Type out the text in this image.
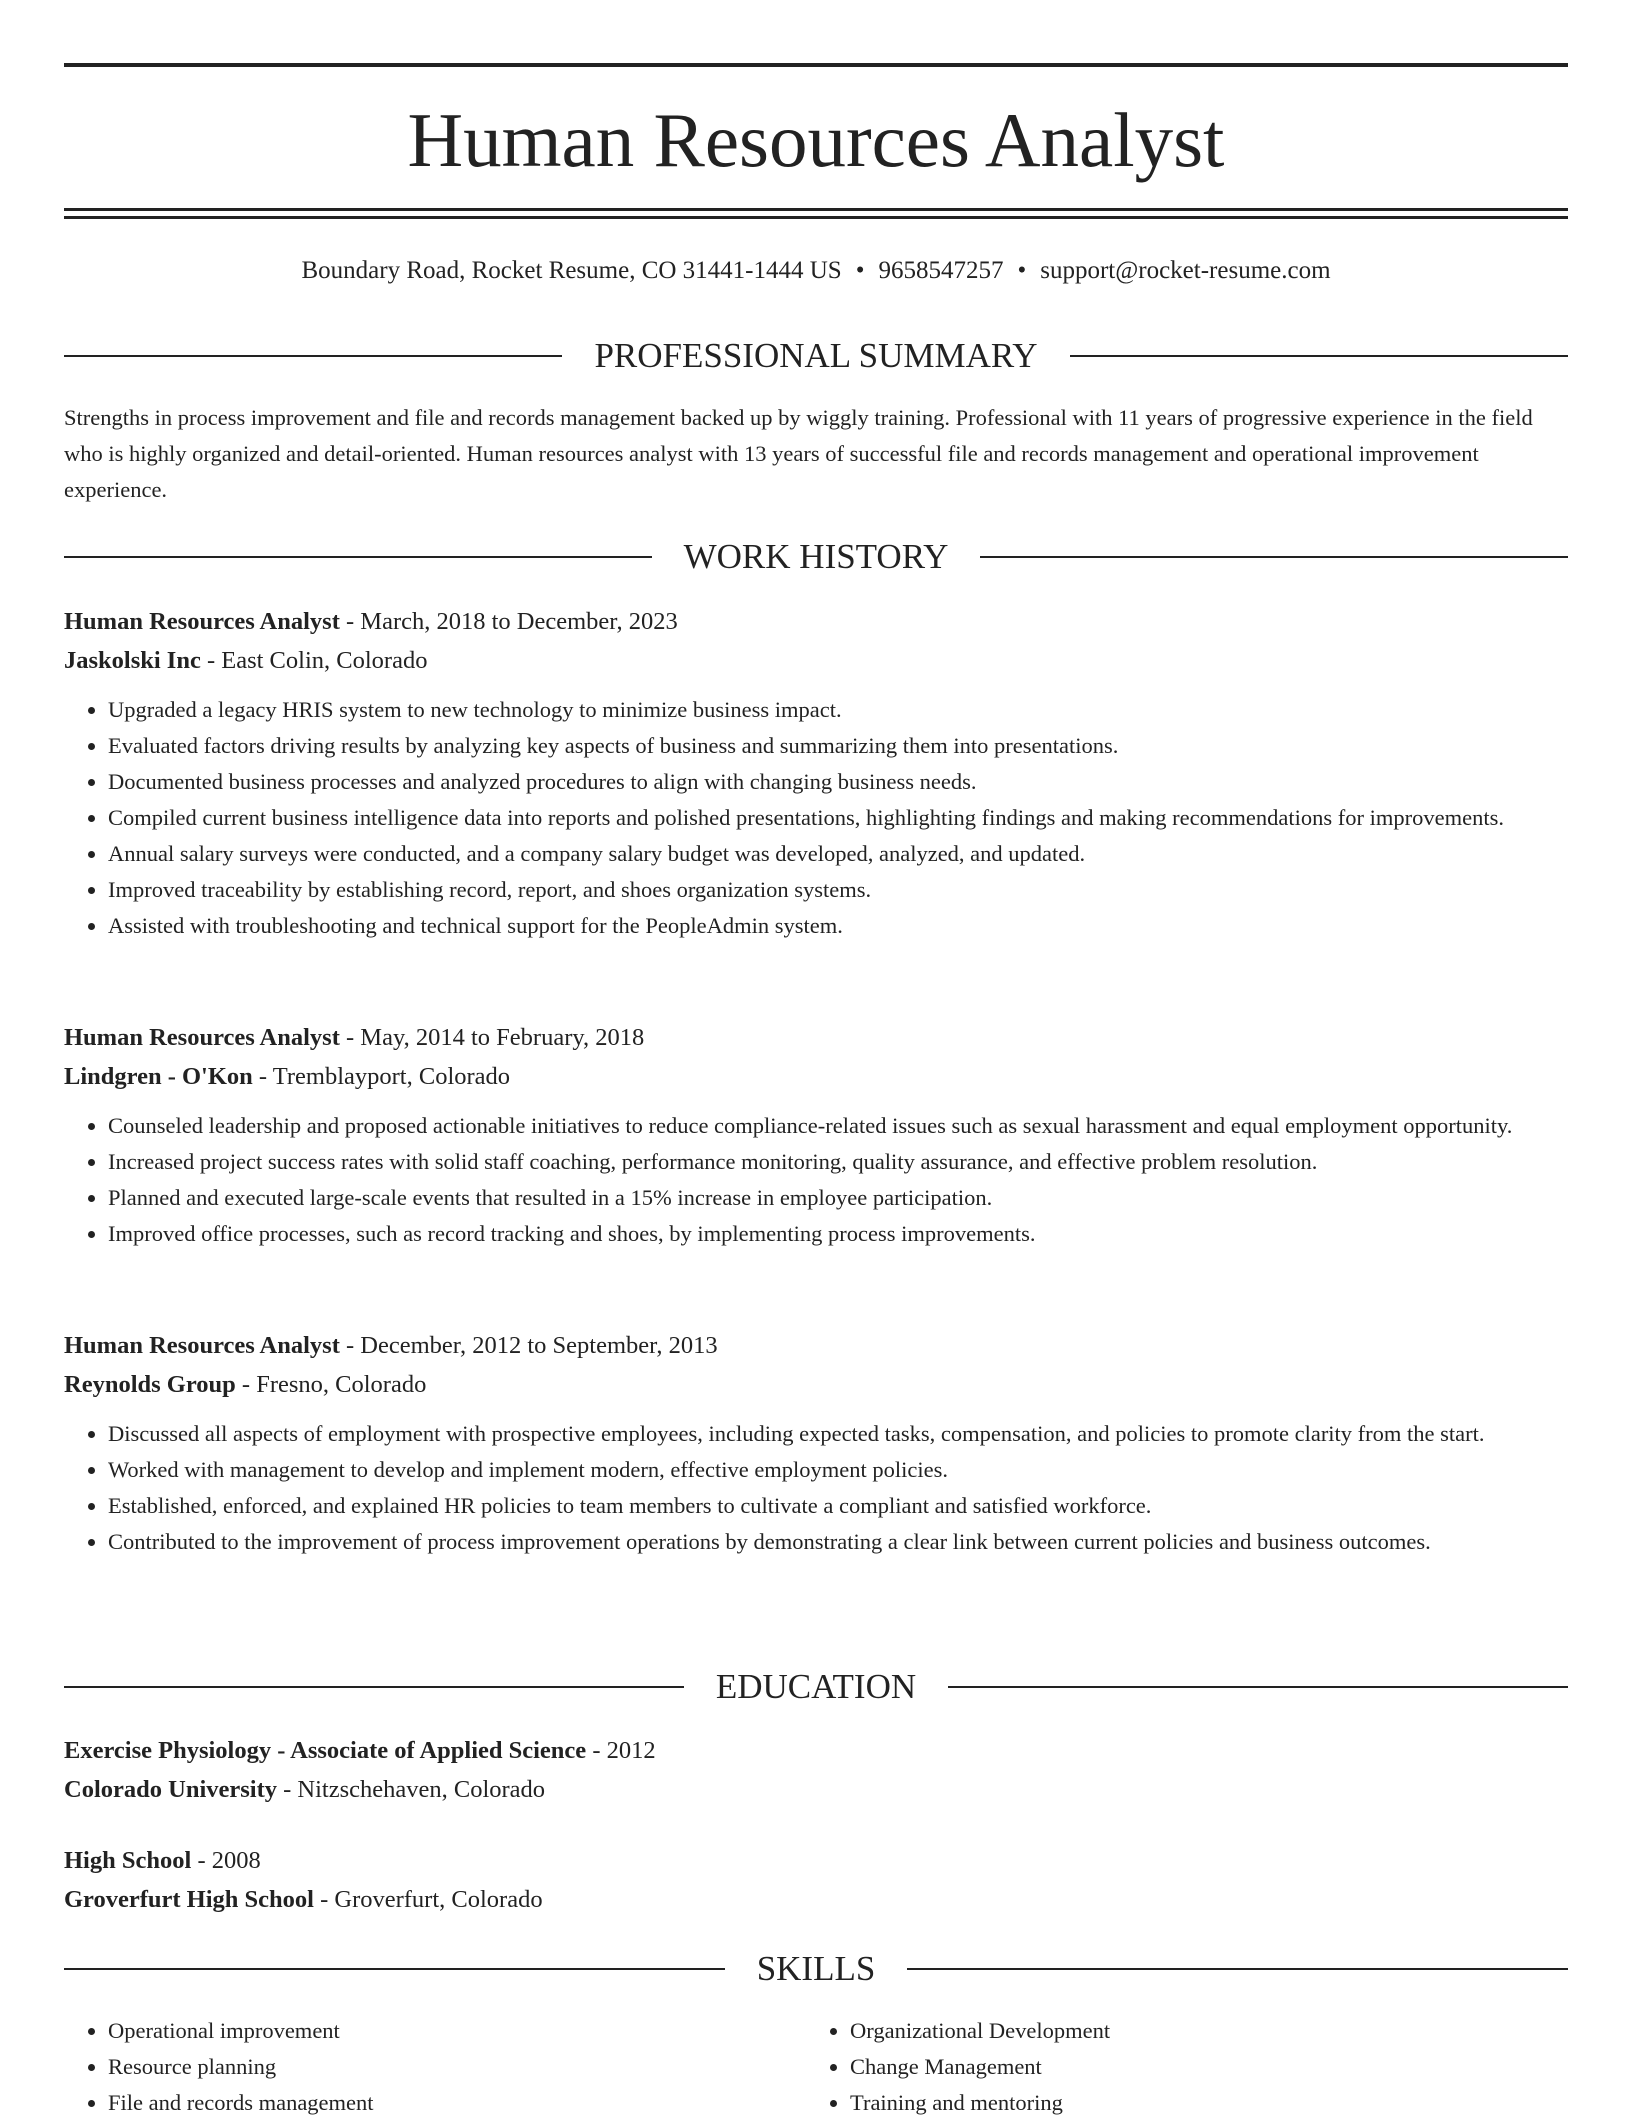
Human Resources Analyst
Boundary Road, Rocket Resume, CO 31441-1444 US • 9658547257 • support@rocket-resume.com
PROFESSIONAL SUMMARY

Strengths in process improvement and file and records management backed up by wiggly training. Professional with 11 years of progressive experience in the field who is highly organized and detail-oriented. Human resources analyst with 13 years of successful file and records management and operational improvement experience.

WORK HISTORY

Human Resources Analyst - March, 2018 to December, 2023

Jaskolski Inc - East Colin, Colorado

• Upgraded a legacy HRIS system to new technology to minimize business impact.
• Evaluated factors driving results by analyzing key aspects of business and summarizing them into presentations.
• Documented business processes and analyzed procedures to align with changing business needs.
• Compiled current business intelligence data into reports and polished presentations, highlighting findings and making recommendations for improvements.
• Annual salary surveys were conducted, and a company salary budget was developed, analyzed, and updated.
• Improved traceability by establishing record, report, and shoes organization systems.
• Assisted with troubleshooting and technical support for the PeopleAdmin system.

Human Resources Analyst - May, 2014 to February, 2018

Lindgren - O'Kon - Tremblayport, Colorado

• Counseled leadership and proposed actionable initiatives to reduce compliance-related issues such as sexual harassment and equal employment opportunity.
• Increased project success rates with solid staff coaching, performance monitoring, quality assurance, and effective problem resolution.
• Planned and executed large-scale events that resulted in a 15% increase in employee participation.
• Improved office processes, such as record tracking and shoes, by implementing process improvements.

Human Resources Analyst - December, 2012 to September, 2013

Reynolds Group - Fresno, Colorado

• Discussed all aspects of employment with prospective employees, including expected tasks, compensation, and policies to promote clarity from the start.
• Worked with management to develop and implement modern, effective employment policies.
• Established, enforced, and explained HR policies to team members to cultivate a compliant and satisfied workforce.
• Contributed to the improvement of process improvement operations by demonstrating a clear link between current policies and business outcomes.
EDUCATION

Exercise Physiology - Associate of Applied Science - 2012

Colorado University - Nitzschehaven, Colorado

High School - 2008

Groverfurt High School - Groverfurt, Colorado

SKILLS
• Operational improvement
• Resource planning
• File and records management
• Organizational Development
• Change Management
• Training and mentoring
